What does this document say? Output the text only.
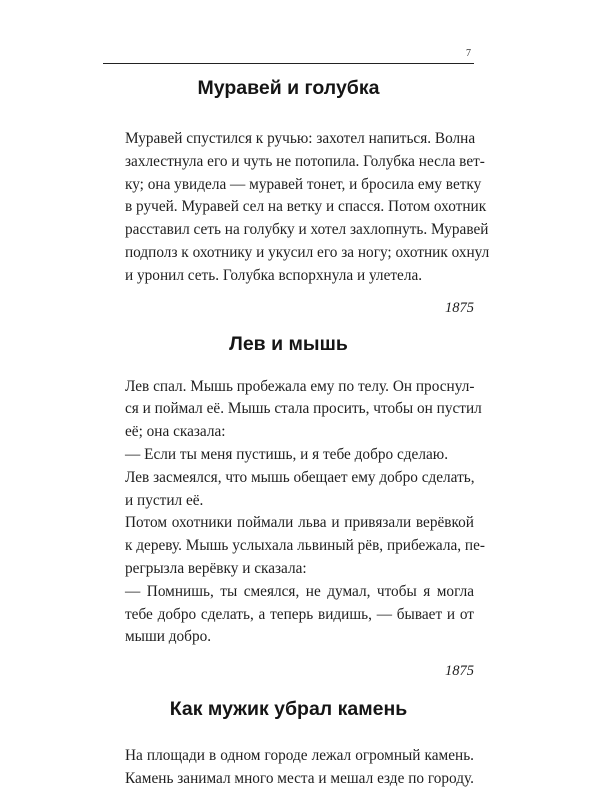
7
Муравей и голубка
Муравей спустился к ручью: захотел напиться. Волна
захлестнула его и чуть не потопила. Голубка несла вет-
ку; она увидела — муравей тонет, и бросила ему ветку
в ручей. Муравей сел на ветку и спасся. Потом охотник
расставил сеть на голубку и хотел захлопнуть. Муравей
подполз к охотнику и укусил его за ногу; охотник охнул
и уронил сеть. Голубка вспорхнула и улетела.

1875

Лев и мышь
Лев спал. Мышь пробежала ему по телу. Он проснул-
ся и поймал её. Мышь стала просить, чтобы он пустил
её; она сказала:
— Если ты меня пустишь, и я тебе добро сделаю.
Лев засмеялся, что мышь обещает ему добро сделать,
и пустил её.
Потом охотники поймали льва и привязали верёвкой
к дереву. Мышь услыхала львиный рёв, прибежала, пе-
регрызла верёвку и сказала:
— Помнишь, ты смеялся, не думал, чтобы я могла
тебе добро сделать, а теперь видишь, — бывает и от
мыши добро.

1875

Как мужик убрал камень
На площади в одном городе лежал огромный камень.
Камень занимал много места и мешал езде по городу.
